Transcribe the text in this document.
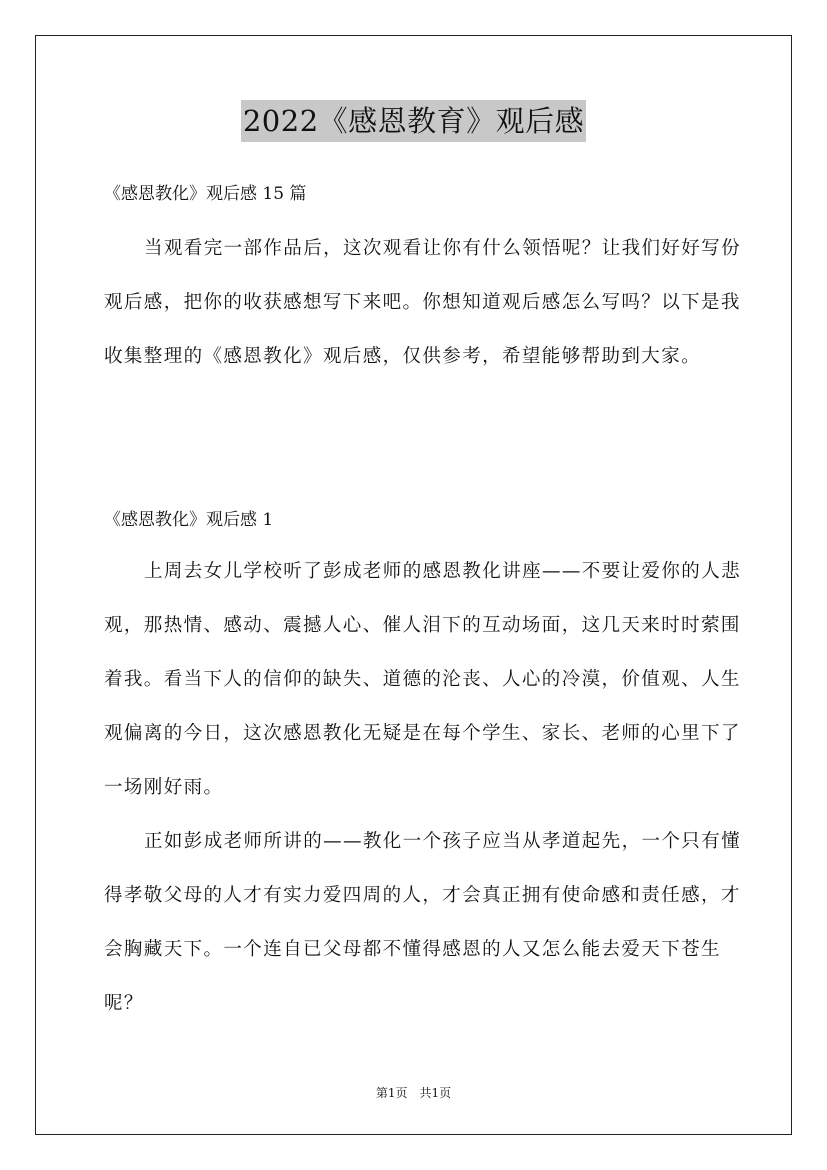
2022《感恩教育》观后感
《感恩教化》观后感 15 篇

当观看完一部作品后，这次观看让你有什么领悟呢？让我们好好写份观后感，把你的收获感想写下来吧。你想知道观后感怎么写吗？以下是我收集整理的《感恩教化》观后感，仅供参考，希望能够帮助到大家。

《感恩教化》观后感 1

上周去女儿学校听了彭成老师的感恩教化讲座——不要让爱你的人悲观，那热情、感动、震撼人心、催人泪下的互动场面，这几天来时时萦围着我。看当下人的信仰的缺失、道德的沦丧、人心的冷漠，价值观、人生观偏离的今日，这次感恩教化无疑是在每个学生、家长、老师的心里下了一场刚好雨。

正如彭成老师所讲的——教化一个孩子应当从孝道起先，一个只有懂得孝敬父母的人才有实力爱四周的人，才会真正拥有使命感和责任感，才会胸藏天下。一个连自已父母都不懂得感恩的人又怎么能去爱天下苍生呢？

第1页　共1页
